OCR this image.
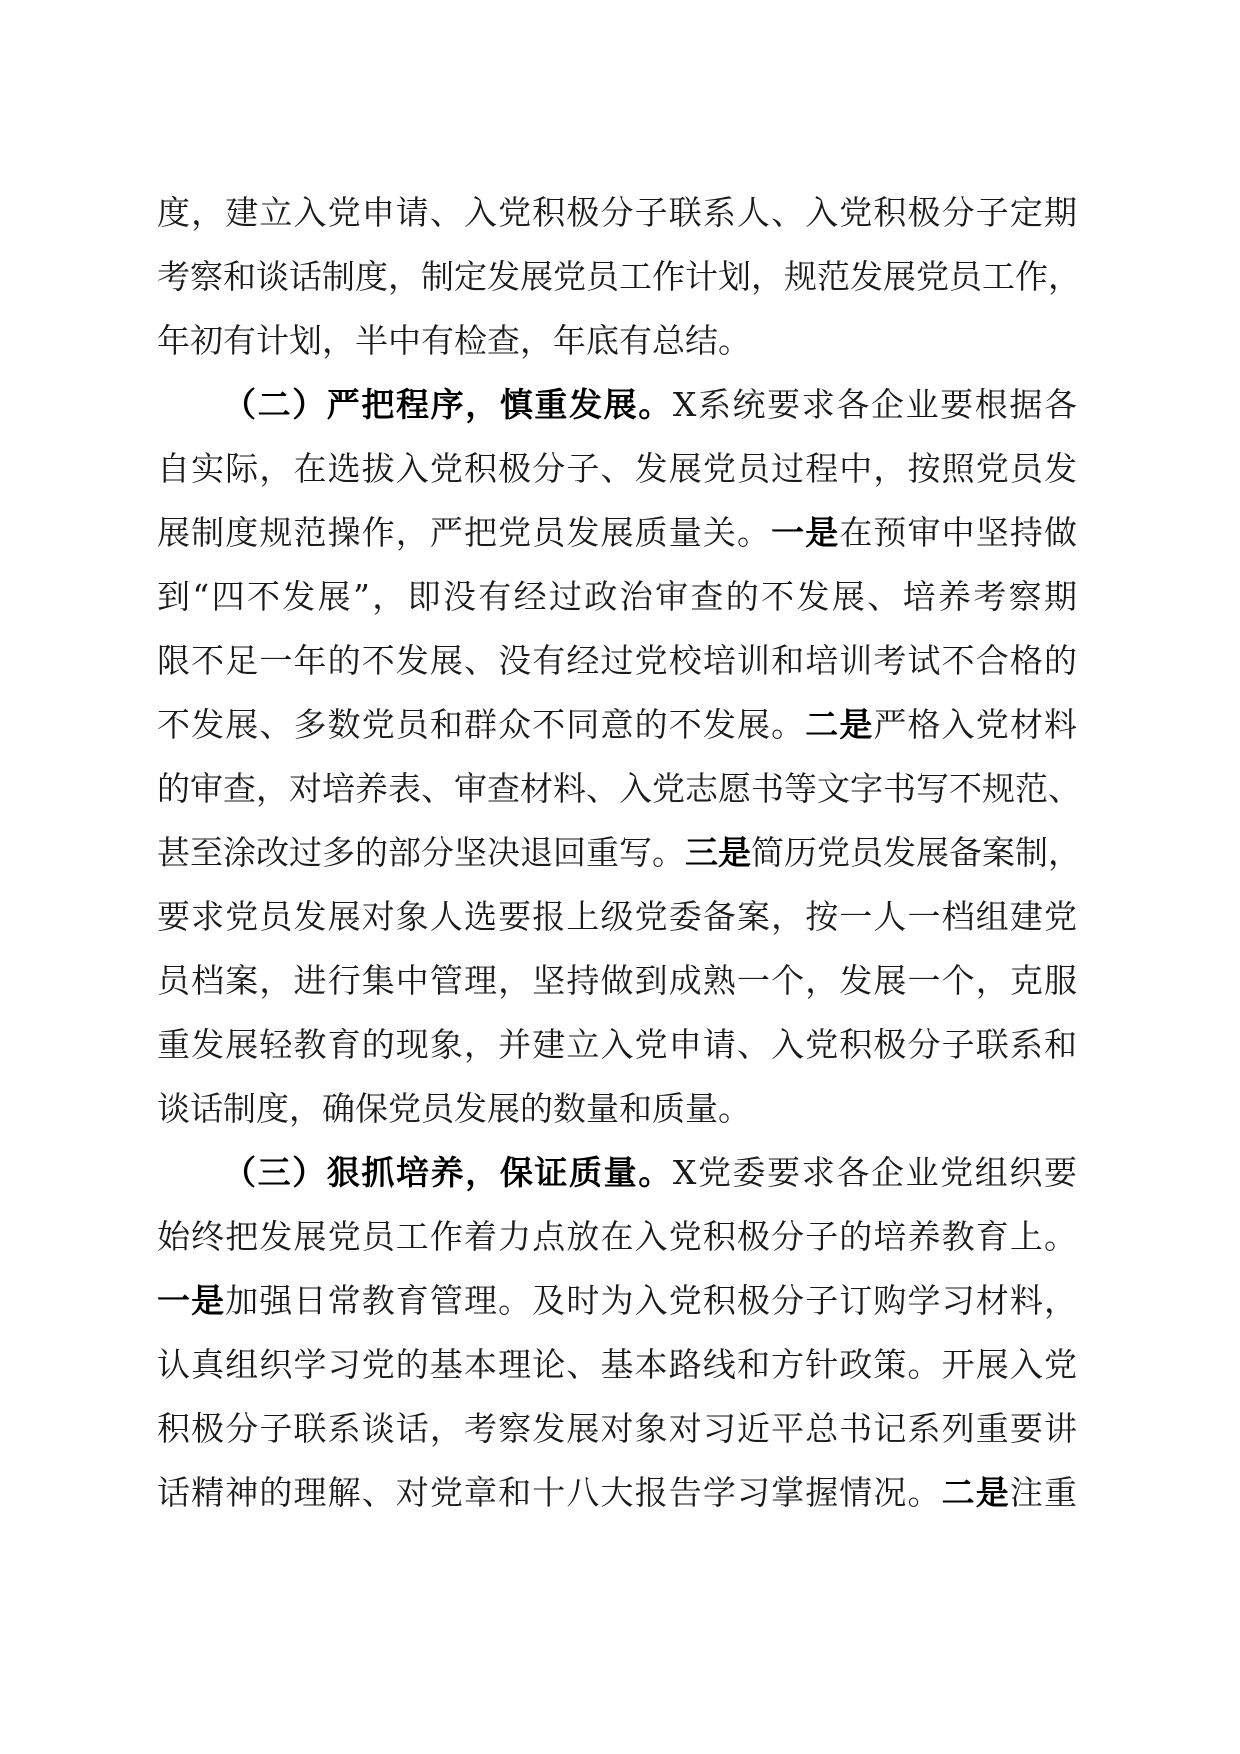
度，建立入党申请、入党积极分子联系人、入党积极分子定期
考察和谈话制度，制定发展党员工作计划，规范发展党员工作，
年初有计划，半中有检查，年底有总结。
（二）严把程序，慎重发展。X系统要求各企业要根据各
自实际，在选拔入党积极分子、发展党员过程中，按照党员发
展制度规范操作，严把党员发展质量关。一是在预审中坚持做
到“四不发展”，即没有经过政治审查的不发展、培养考察期
限不足一年的不发展、没有经过党校培训和培训考试不合格的
不发展、多数党员和群众不同意的不发展。二是严格入党材料
的审查，对培养表、审查材料、入党志愿书等文字书写不规范、
甚至涂改过多的部分坚决退回重写。三是简历党员发展备案制，
要求党员发展对象人选要报上级党委备案，按一人一档组建党
员档案，进行集中管理，坚持做到成熟一个，发展一个，克服
重发展轻教育的现象，并建立入党申请、入党积极分子联系和
谈话制度，确保党员发展的数量和质量。
（三）狠抓培养，保证质量。X党委要求各企业党组织要
始终把发展党员工作着力点放在入党积极分子的培养教育上。
一是加强日常教育管理。及时为入党积极分子订购学习材料，
认真组织学习党的基本理论、基本路线和方针政策。开展入党
积极分子联系谈话，考察发展对象对习近平总书记系列重要讲
话精神的理解、对党章和十八大报告学习掌握情况。二是注重
